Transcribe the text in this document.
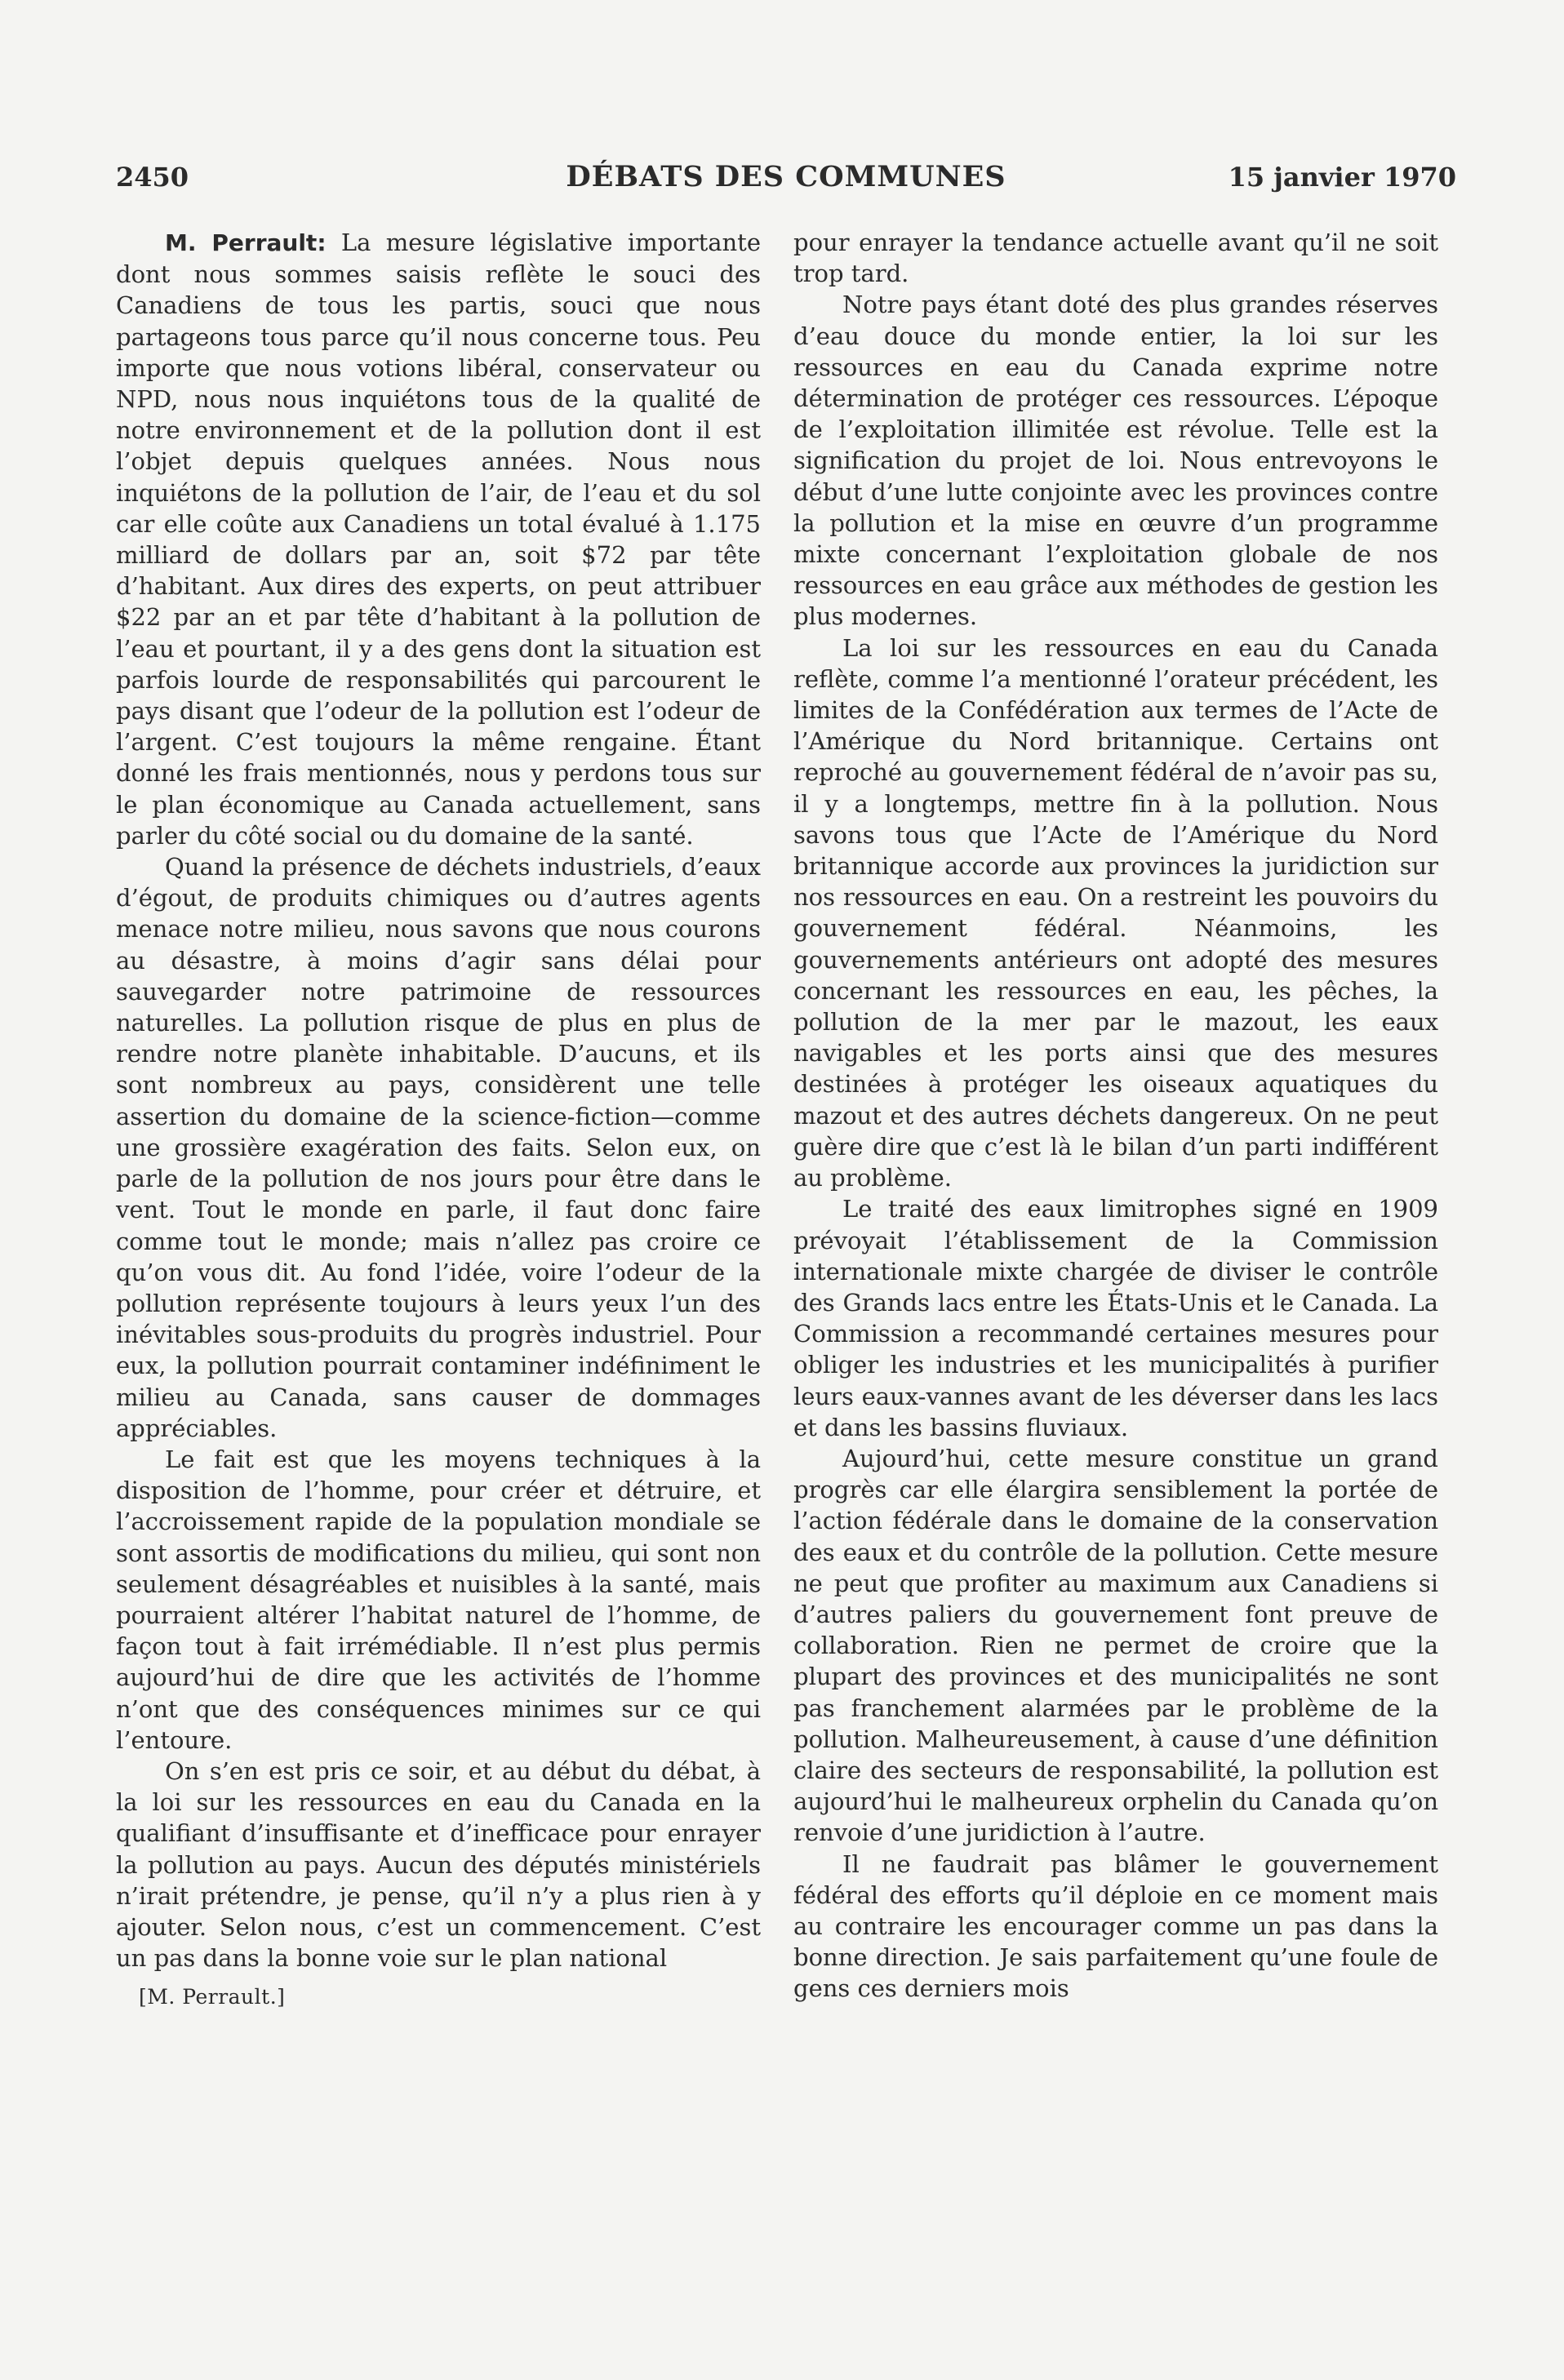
2450	DÉBATS DES COMMUNES	15 janvier 1970

M. Perrault: La mesure législative importante dont nous sommes saisis reflète le souci des Canadiens de tous les partis, souci que nous partageons tous parce qu’il nous concerne tous. Peu importe que nous votions libéral, conservateur ou NPD, nous nous inquiétons tous de la qualité de notre environnement et de la pollution dont il est l’objet depuis quelques années. Nous nous inquiétons de la pollution de l’air, de l’eau et du sol car elle coûte aux Canadiens un total évalué à 1.175 milliard de dollars par an, soit $72 par tête d’habitant. Aux dires des experts, on peut attribuer $22 par an et par tête d’habitant à la pollution de l’eau et pourtant, il y a des gens dont la situation est parfois lourde de responsabilités qui parcourent le pays disant que l’odeur de la pollution est l’odeur de l’argent. C’est toujours la même rengaine. Étant donné les frais mentionnés, nous y perdons tous sur le plan économique au Canada actuellement, sans parler du côté social ou du domaine de la santé.

Quand la présence de déchets industriels, d’eaux d’égout, de produits chimiques ou d’autres agents menace notre milieu, nous savons que nous courons au désastre, à moins d’agir sans délai pour sauvegarder notre patrimoine de ressources naturelles. La pollution risque de plus en plus de rendre notre planète inhabitable. D’aucuns, et ils sont nombreux au pays, considèrent une telle assertion du domaine de la science-fiction—comme une grossière exagération des faits. Selon eux, on parle de la pollution de nos jours pour être dans le vent. Tout le monde en parle, il faut donc faire comme tout le monde; mais n’allez pas croire ce qu’on vous dit. Au fond l’idée, voire l’odeur de la pollution représente toujours à leurs yeux l’un des inévitables sous-produits du progrès industriel. Pour eux, la pollution pourrait contaminer indéfiniment le milieu au Canada, sans causer de dommages appréciables.

Le fait est que les moyens techniques à la disposition de l’homme, pour créer et détruire, et l’accroissement rapide de la population mondiale se sont assortis de modifications du milieu, qui sont non seulement désagréables et nuisibles à la santé, mais pourraient altérer l’habitat naturel de l’homme, de façon tout à fait irrémédiable. Il n’est plus permis aujourd’hui de dire que les activités de l’homme n’ont que des conséquences minimes sur ce qui l’entoure.

On s’en est pris ce soir, et au début du débat, à la loi sur les ressources en eau du Canada en la qualifiant d’insuffisante et d’inefficace pour enrayer la pollution au pays. Aucun des députés ministériels n’irait prétendre, je pense, qu’il n’y a plus rien à y ajouter. Selon nous, c’est un commencement. C’est un pas dans la bonne voie sur le plan national

[M. Perrault.]

pour enrayer la tendance actuelle avant qu’il ne soit trop tard.

Notre pays étant doté des plus grandes réserves d’eau douce du monde entier, la loi sur les ressources en eau du Canada exprime notre détermination de protéger ces ressources. L’époque de l’exploitation illimitée est révolue. Telle est la signification du projet de loi. Nous entrevoyons le début d’une lutte conjointe avec les provinces contre la pollution et la mise en œuvre d’un programme mixte concernant l’exploitation globale de nos ressources en eau grâce aux méthodes de gestion les plus modernes.

La loi sur les ressources en eau du Canada reflète, comme l’a mentionné l’orateur précédent, les limites de la Confédération aux termes de l’Acte de l’Amérique du Nord britannique. Certains ont reproché au gouvernement fédéral de n’avoir pas su, il y a longtemps, mettre fin à la pollution. Nous savons tous que l’Acte de l’Amérique du Nord britannique accorde aux provinces la juridiction sur nos ressources en eau. On a restreint les pouvoirs du gouvernement fédéral. Néanmoins, les gouvernements antérieurs ont adopté des mesures concernant les ressources en eau, les pêches, la pollution de la mer par le mazout, les eaux navigables et les ports ainsi que des mesures destinées à protéger les oiseaux aquatiques du mazout et des autres déchets dangereux. On ne peut guère dire que c’est là le bilan d’un parti indifférent au problème.

Le traité des eaux limitrophes signé en 1909 prévoyait l’établissement de la Commission internationale mixte chargée de diviser le contrôle des Grands lacs entre les États-Unis et le Canada. La Commission a recommandé certaines mesures pour obliger les industries et les municipalités à purifier leurs eaux-vannes avant de les déverser dans les lacs et dans les bassins fluviaux.

Aujourd’hui, cette mesure constitue un grand progrès car elle élargira sensiblement la portée de l’action fédérale dans le domaine de la conservation des eaux et du contrôle de la pollution. Cette mesure ne peut que profiter au maximum aux Canadiens si d’autres paliers du gouvernement font preuve de collaboration. Rien ne permet de croire que la plupart des provinces et des municipalités ne sont pas franchement alarmées par le problème de la pollution. Malheureusement, à cause d’une définition claire des secteurs de responsabilité, la pollution est aujourd’hui le malheureux orphelin du Canada qu’on renvoie d’une juridiction à l’autre.

Il ne faudrait pas blâmer le gouvernement fédéral des efforts qu’il déploie en ce moment mais au contraire les encourager comme un pas dans la bonne direction. Je sais parfaitement qu’une foule de gens ces derniers mois
